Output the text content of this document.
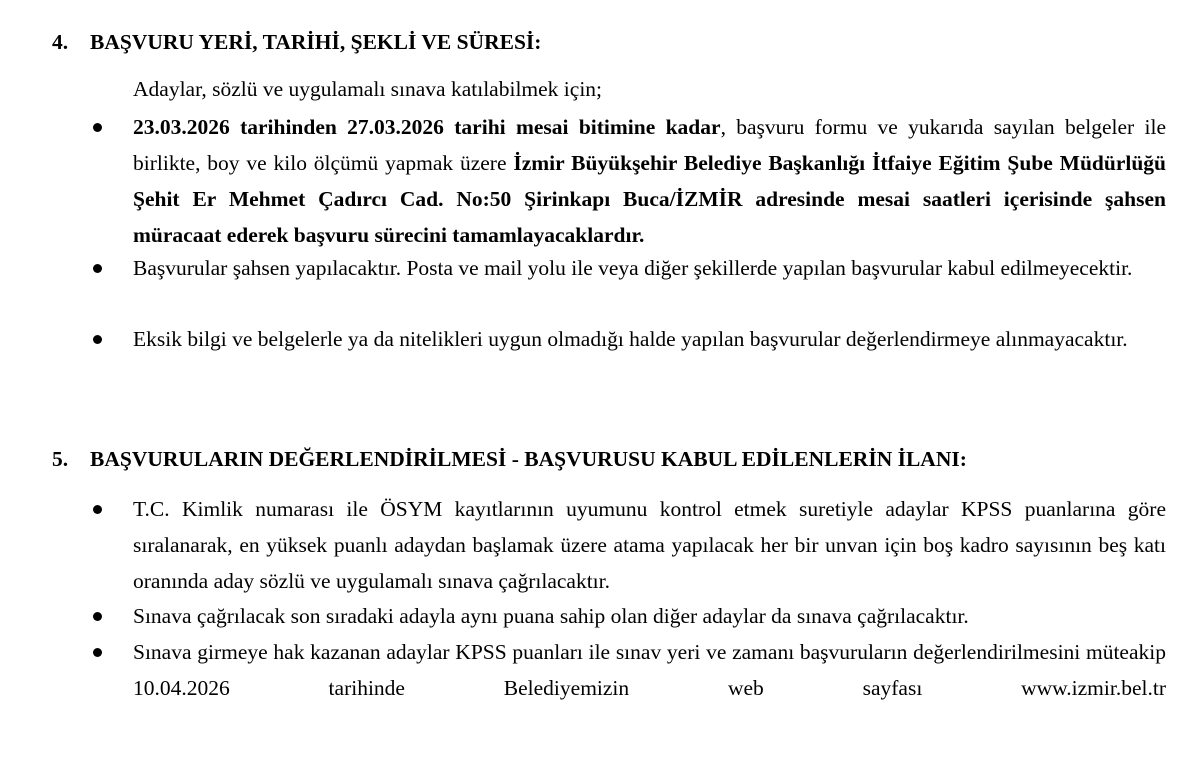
4. BAŞVURU YERİ, TARİHİ, ŞEKLİ VE SÜRESİ:
Adaylar, sözlü ve uygulamalı sınava katılabilmek için;
23.03.2026 tarihinden 27.03.2026 tarihi mesai bitimine kadar, başvuru formu ve yukarıda sayılan belgeler ile birlikte, boy ve kilo ölçümü yapmak üzere İzmir Büyükşehir Belediye Başkanlığı İtfaiye Eğitim Şube Müdürlüğü Şehit Er Mehmet Çadırcı Cad. No:50 Şirinkapı Buca/İZMİR adresinde mesai saatleri içerisinde şahsen müracaat ederek başvuru sürecini tamamlayacaklardır.
Başvurular şahsen yapılacaktır. Posta ve mail yolu ile veya diğer şekillerde yapılan başvurular kabul edilmeyecektir.
Eksik bilgi ve belgelerle ya da nitelikleri uygun olmadığı halde yapılan başvurular değerlendirmeye alınmayacaktır.
5. BAŞVURULARIN DEĞERLENDİRİLMESİ - BAŞVURUSU KABUL EDİLENLERİN İLANI:
T.C. Kimlik numarası ile ÖSYM kayıtlarının uyumunu kontrol etmek suretiyle adaylar KPSS puanlarına göre sıralanarak, en yüksek puanlı adaydan başlamak üzere atama yapılacak her bir unvan için boş kadro sayısının beş katı oranında aday sözlü ve uygulamalı sınava çağrılacaktır.
Sınava çağrılacak son sıradaki adayla aynı puana sahip olan diğer adaylar da sınava çağrılacaktır.
Sınava girmeye hak kazanan adaylar KPSS puanları ile sınav yeri ve zamanı başvuruların değerlendirilmesini müteakip 10.04.2026 tarihinde Belediyemizin web sayfası www.izmir.bel.tr
